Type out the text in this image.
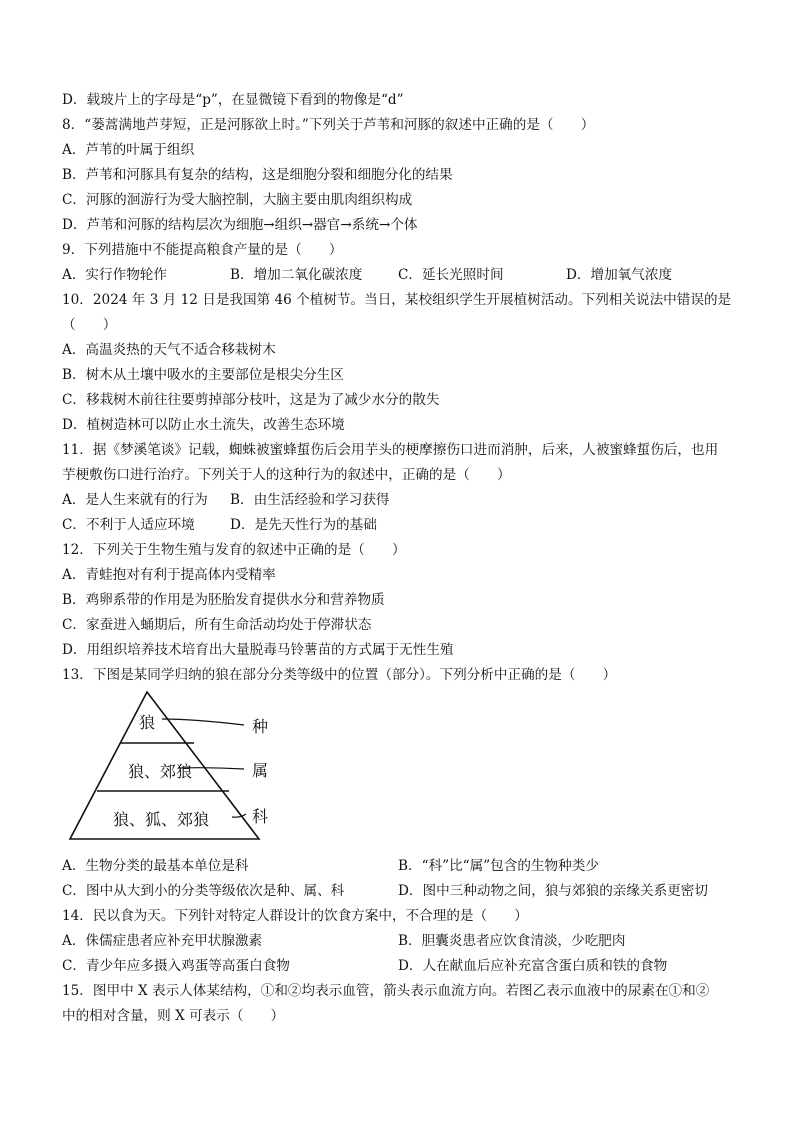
D．载玻片上的字母是“p”，在显微镜下看到的物像是“d”
8．“蒌蒿满地芦芽短，正是河豚欲上时。”下列关于芦苇和河豚的叙述中正确的是（　　）
A．芦苇的叶属于组织
B．芦苇和河豚具有复杂的结构，这是细胞分裂和细胞分化的结果
C．河豚的洄游行为受大脑控制，大脑主要由肌肉组织构成
D．芦苇和河豚的结构层次为细胞→组织→器官→系统→个体
9．下列措施中不能提高粮食产量的是（　　）
A．实行作物轮作	B．增加二氧化碳浓度	C．延长光照时间	D．增加氧气浓度
10．2024 年 3 月 12 日是我国第 46 个植树节。当日，某校组织学生开展植树活动。下列相关说法中错误的是
（　　）
A．高温炎热的天气不适合移栽树木
B．树木从土壤中吸水的主要部位是根尖分生区
C．移栽树木前往往要剪掉部分枝叶，这是为了减少水分的散失
D．植树造林可以防止水土流失，改善生态环境
11．据《梦溪笔谈》记载，蜘蛛被蜜蜂蜇伤后会用芋头的梗摩擦伤口进而消肿，后来，人被蜜蜂蜇伤后，也用
芋梗敷伤口进行治疗。下列关于人的这种行为的叙述中，正确的是（　　）
A．是人生来就有的行为 B．由生活经验和学习获得
C．不利于人适应环境	D．是先天性行为的基础
12．下列关于生物生殖与发育的叙述中正确的是（　　）
A．青蛙抱对有利于提高体内受精率
B．鸡卵系带的作用是为胚胎发育提供水分和营养物质
C．家蚕进入蛹期后，所有生命活动均处于停滞状态
D．用组织培养技术培育出大量脱毒马铃薯苗的方式属于无性生殖
13．下图是某同学归纳的狼在部分分类等级中的位置（部分）。下列分析中正确的是（　　）
狼
狼、郊狼
狼、狐、郊狼
种
属
科
A．生物分类的最基本单位是科	B．“科”比“属”包含的生物种类少
C．图中从大到小的分类等级依次是种、属、科	D．图中三种动物之间，狼与郊狼的亲缘关系更密切
14．民以食为天。下列针对特定人群设计的饮食方案中，不合理的是（　　）
A．侏儒症患者应补充甲状腺激素	B．胆囊炎患者应饮食清淡，少吃肥肉
C．青少年应多摄入鸡蛋等高蛋白食物	D．人在献血后应补充富含蛋白质和铁的食物
15．图甲中 X 表示人体某结构，①和②均表示血管，箭头表示血流方向。若图乙表示血液中的尿素在①和②
中的相对含量，则 X 可表示（　　）
